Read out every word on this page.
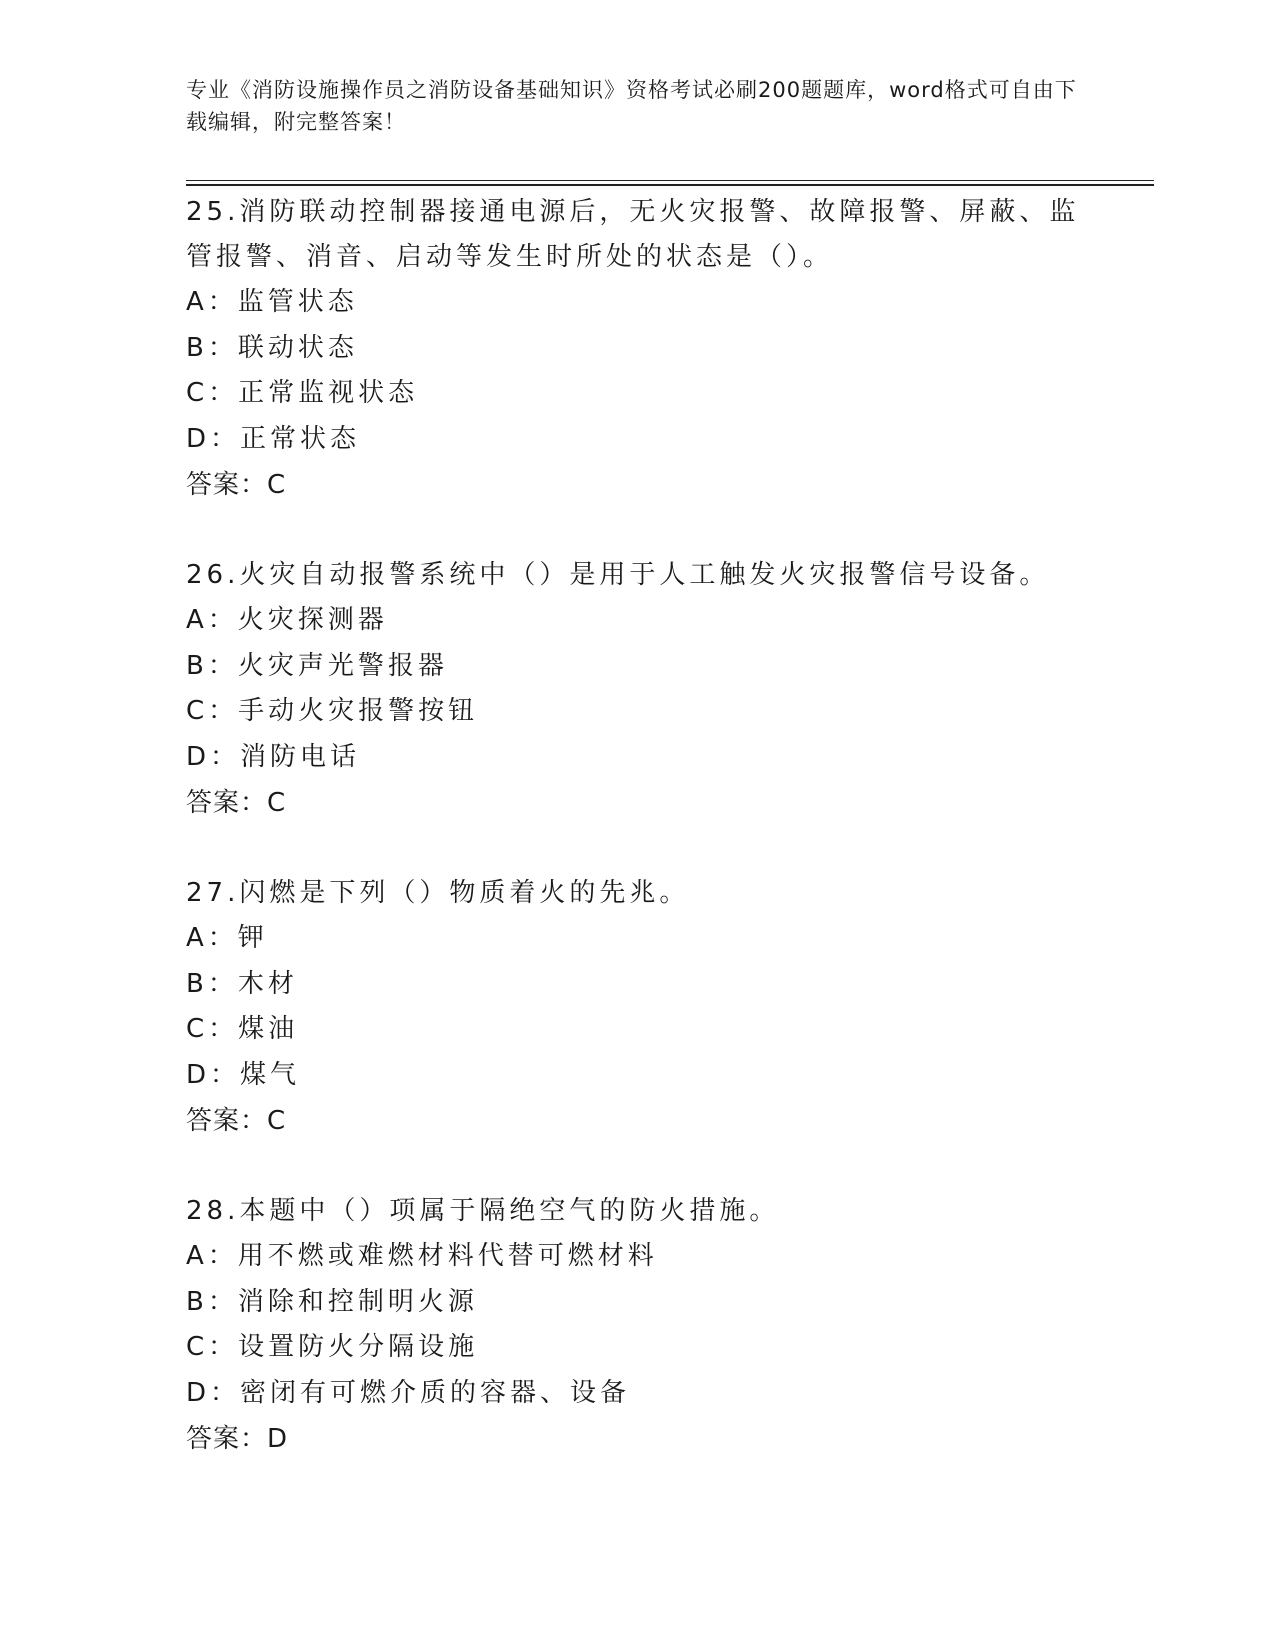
专业《消防设施操作员之消防设备基础知识》资格考试必刷200题题库，word格式可自由下载编辑，附完整答案！

25.消防联动控制器接通电源后，无火灾报警、故障报警、屏蔽、监管报警、消音、启动等发生时所处的状态是（）。

A：监管状态

B：联动状态

C：正常监视状态

D：正常状态

答案：C

26.火灾自动报警系统中（）是用于人工触发火灾报警信号设备。

A：火灾探测器

B：火灾声光警报器

C：手动火灾报警按钮

D：消防电话

答案：C

27.闪燃是下列（）物质着火的先兆。

A：钾

B：木材

C：煤油

D：煤气

答案：C

28.本题中（）项属于隔绝空气的防火措施。

A：用不燃或难燃材料代替可燃材料

B：消除和控制明火源

C：设置防火分隔设施

D：密闭有可燃介质的容器、设备

答案：D
